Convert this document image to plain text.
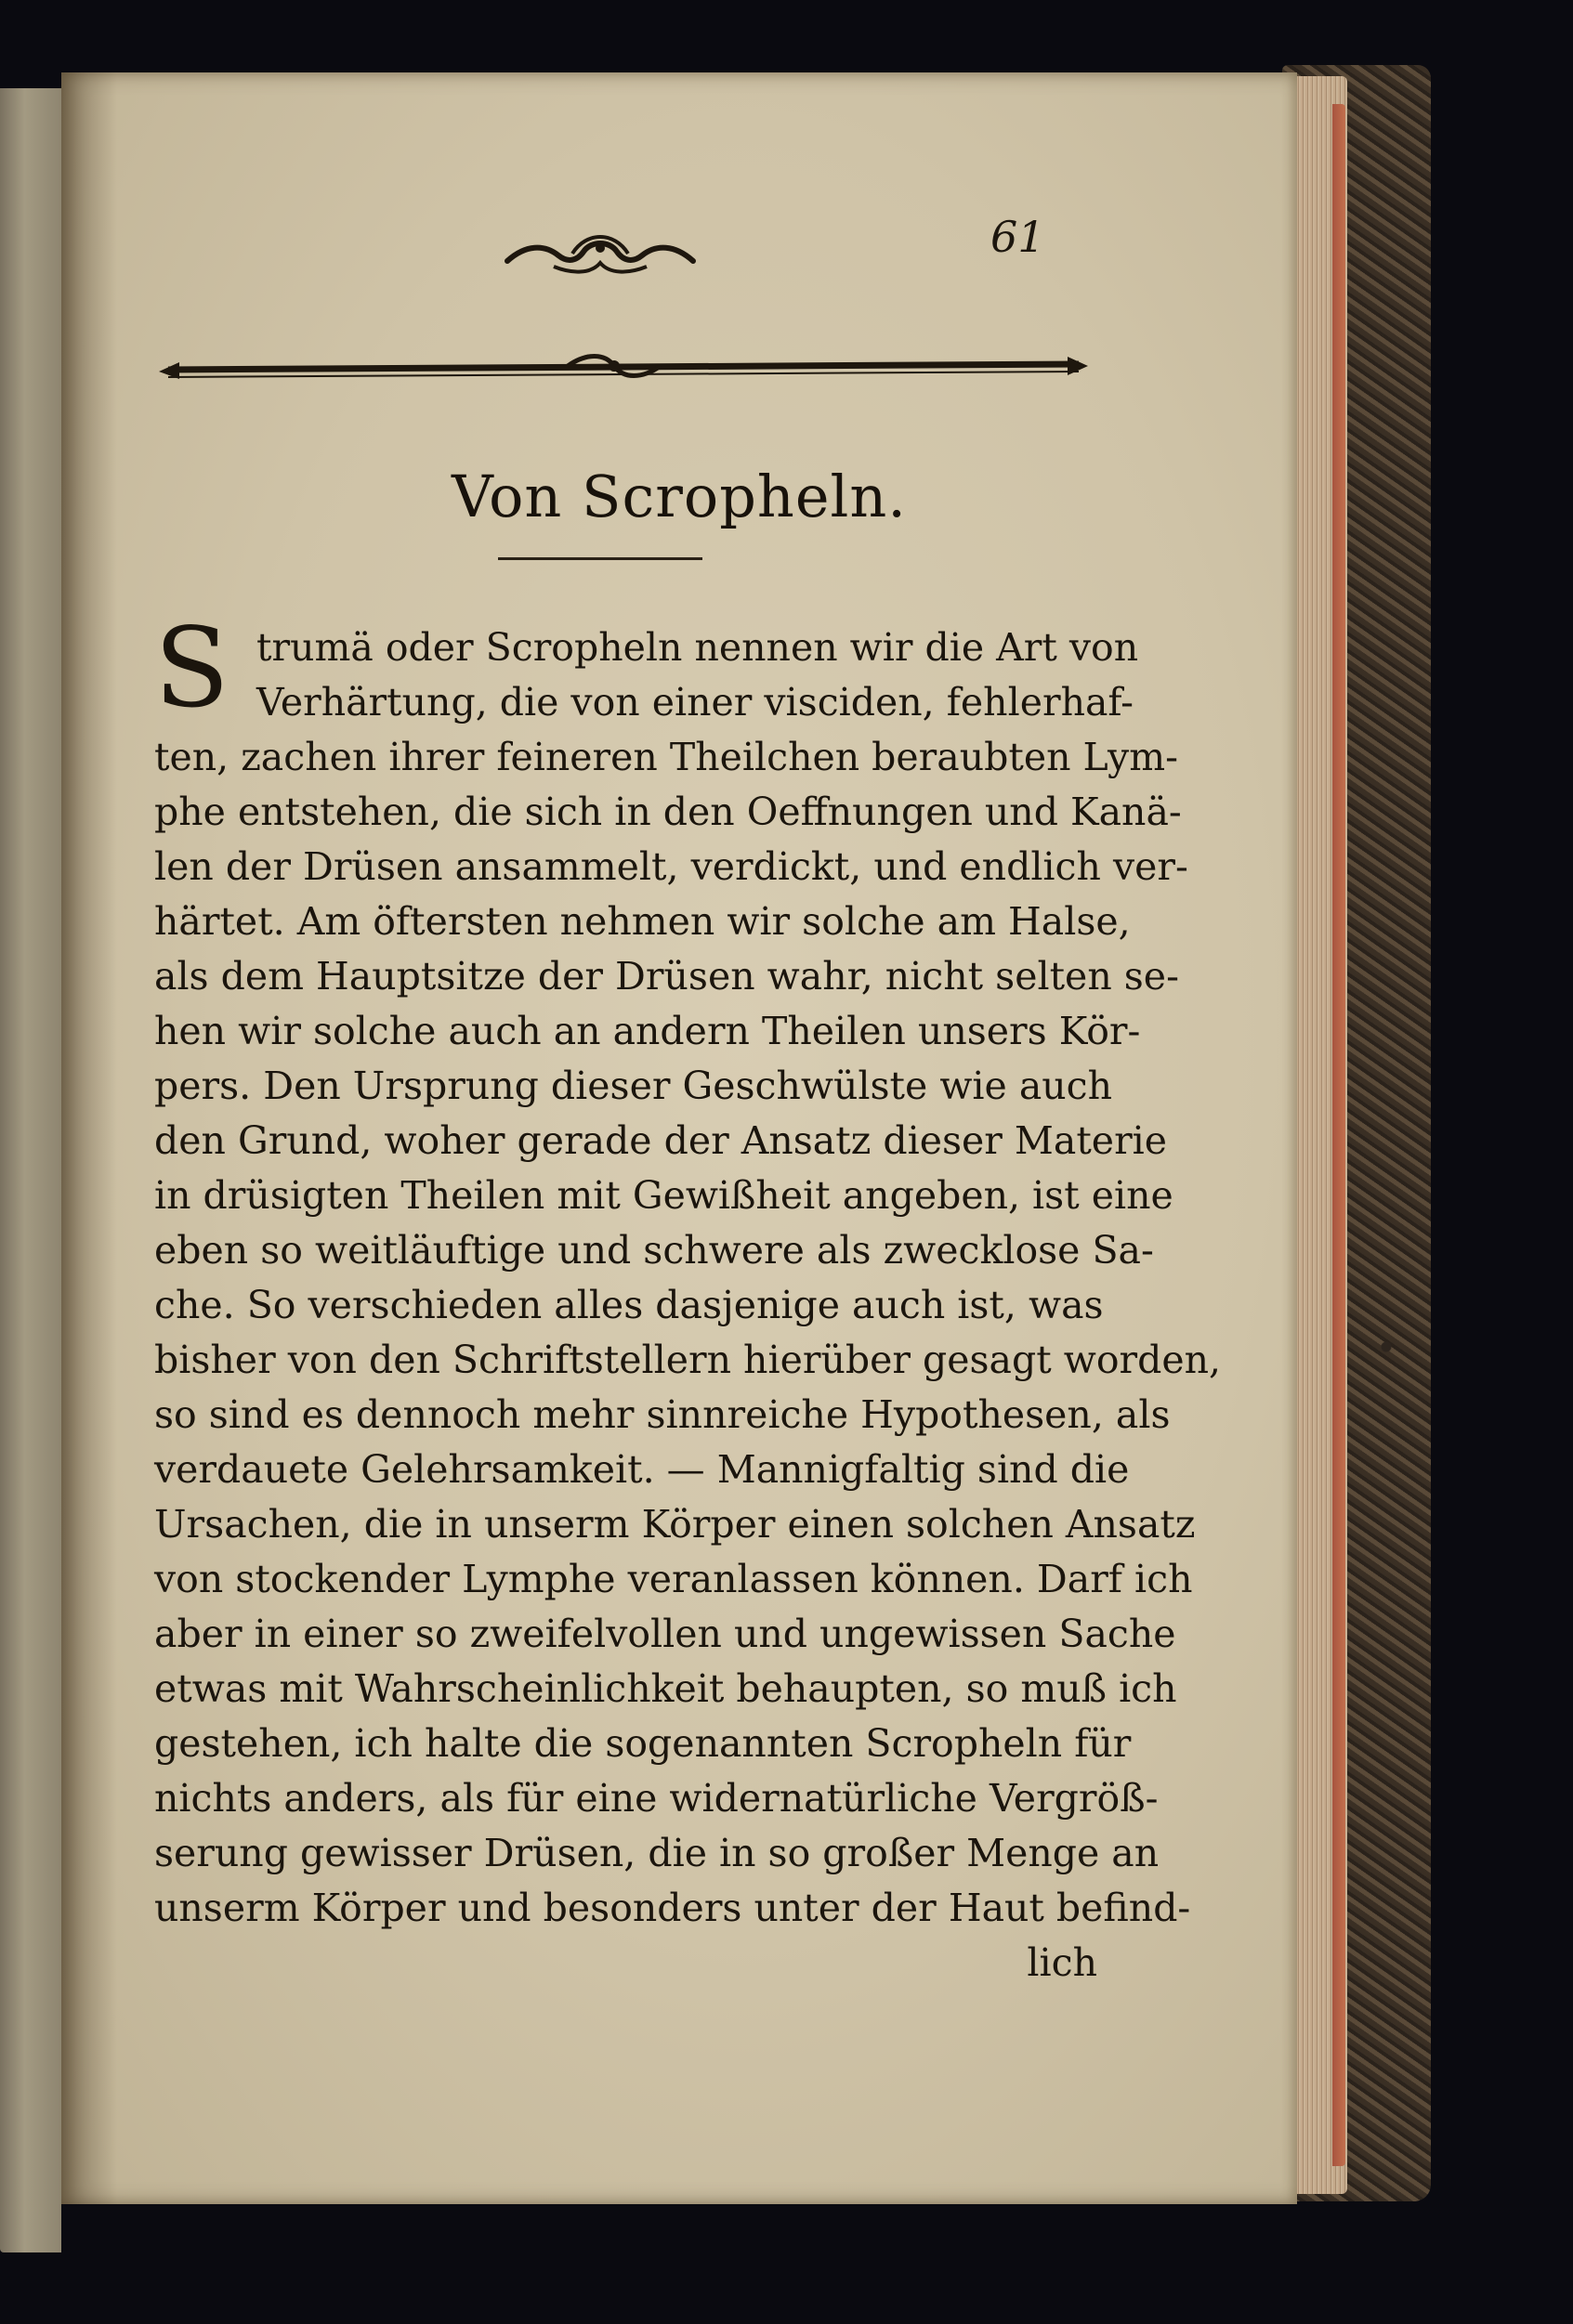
61
Von Scropheln.
S trumä oder Scropheln nennen wir die Art von
Verhärtung, die von einer visciden, fehlerhaf-
ten, zachen ihrer feineren Theilchen beraubten Lym-
phe entstehen, die sich in den Oeffnungen und Kanä-
len der Drüsen ansammelt, verdickt, und endlich ver-
härtet. Am öftersten nehmen wir solche am Halse,
als dem Hauptsitze der Drüsen wahr, nicht selten se-
hen wir solche auch an andern Theilen unsers Kör-
pers. Den Ursprung dieser Geschwülste wie auch
den Grund, woher gerade der Ansatz dieser Materie
in drüsigten Theilen mit Gewißheit angeben, ist eine
eben so weitläuftige und schwere als zwecklose Sa-
che. So verschieden alles dasjenige auch ist, was
bisher von den Schriftstellern hierüber gesagt worden,
so sind es dennoch mehr sinnreiche Hypothesen, als
verdauete Gelehrsamkeit. — Mannigfaltig sind die
Ursachen, die in unserm Körper einen solchen Ansatz
von stockender Lymphe veranlassen können. Darf ich
aber in einer so zweifelvollen und ungewissen Sache
etwas mit Wahrscheinlichkeit behaupten, so muß ich
gestehen, ich halte die sogenannten Scropheln für
nichts anders, als für eine widernatürliche Vergröß-
serung gewisser Drüsen, die in so großer Menge an
unserm Körper und besonders unter der Haut befind-
lich
